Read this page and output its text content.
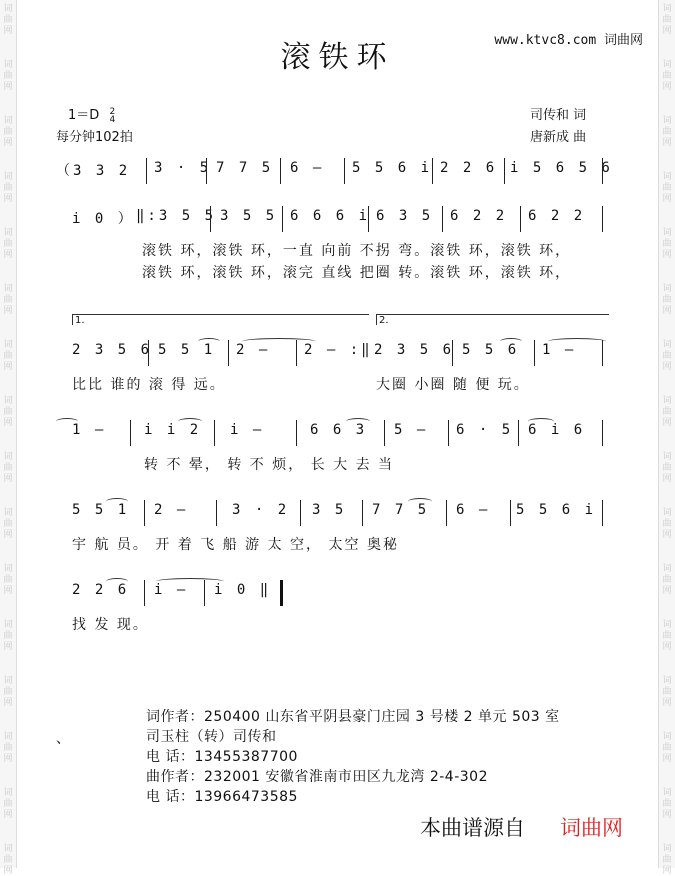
滚铁环	www.ktvc8.com 词曲网
1＝D 2
4
每分钟102拍
司传和 词
唐新成 曲
（3 3 2 3 · 5 7 7 5 6 — 5 5 6 i 2 2 6 i 5 6 5 6
i 0 ） ‖:3 5 5 3 5 5 6 6 6 i 6 3 5 6 2 2 6 2 2
滚铁 环，滚铁 环，一直 向前 不拐 弯。滚铁 环，滚铁 环，
滚铁 环，滚铁 环，滚完 直线 把圈 转。滚铁 环，滚铁 环，
1.	2.
2 3 5 6 5 5 1 2 — 2 — :‖ 2 3 5 6 5 5 6 1 —
比比 谁的 滚 得 远。	大圈 小圈 随 便 玩。
1 —	i i 2 i —	6 6 3 5 — 6 · 5 6 i 6
转 不 晕， 转 不 烦， 长 大 去 当
5 5 1 2 —	3 · 2 3 5 7 7 5 6 — 5 5 6 i
宇 航 员。 开 着 飞 船 游 太 空， 太空 奥秘
2 2 6 i — i 0 ‖
找 发 现。
、
词作者：250400 山东省平阴县豪门庄园 3 号楼 2 单元 503 室
司玉柱（转）司传和
电 话：13455387700
曲作者：232001 安徽省淮南市田区九龙湾 2-4-302
电 话：13966473585
本曲谱源自 词曲网
词
曲
网
词
曲
网
词
曲
网
词
曲
网
词
曲
网
词
曲
网
词
曲
网
词
曲
网
词
曲
网
词
曲
网
词
曲
网
词
曲
网
词
曲
网
词
曲
网
词
曲
网
词
曲
网
词
曲
网
词
曲
网
词
曲
网
词
曲
网
词
曲
网
词
曲
网
词
曲
网
词
曲
网
词
曲
网
词
曲
网
词
曲
网
词
曲
网
词
曲
网
词
曲
网
词
曲
网
词
曲
网
